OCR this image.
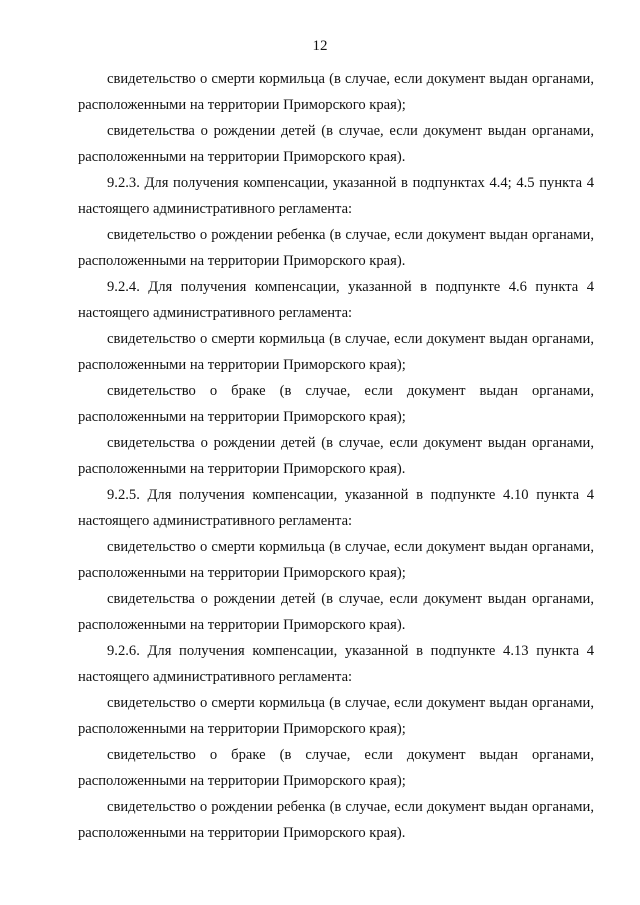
12

свидетельство о смерти кормильца (в случае, если документ выдан органами, расположенными на территории Приморского края);

свидетельства о рождении детей (в случае, если документ выдан органами, расположенными на территории Приморского края).

9.2.3. Для получения компенсации, указанной в подпунктах 4.4; 4.5 пункта 4 настоящего административного регламента:

свидетельство о рождении ребенка (в случае, если документ выдан органами, расположенными на территории Приморского края).

9.2.4. Для получения компенсации, указанной в подпункте 4.6 пункта 4 настоящего административного регламента:

свидетельство о смерти кормильца (в случае, если документ выдан органами, расположенными на территории Приморского края);

свидетельство о браке (в случае, если документ выдан органами, расположенными на территории Приморского края);

свидетельства о рождении детей (в случае, если документ выдан органами, расположенными на территории Приморского края).

9.2.5. Для получения компенсации, указанной в подпункте 4.10 пункта 4 настоящего административного регламента:

свидетельство о смерти кормильца (в случае, если документ выдан органами, расположенными на территории Приморского края);

свидетельства о рождении детей (в случае, если документ выдан органами, расположенными на территории Приморского края).

9.2.6. Для получения компенсации, указанной в подпункте 4.13 пункта 4 настоящего административного регламента:

свидетельство о смерти кормильца (в случае, если документ выдан органами, расположенными на территории Приморского края);

свидетельство о браке (в случае, если документ выдан органами, расположенными на территории Приморского края);

свидетельство о рождении ребенка (в случае, если документ выдан органами, расположенными на территории Приморского края).
